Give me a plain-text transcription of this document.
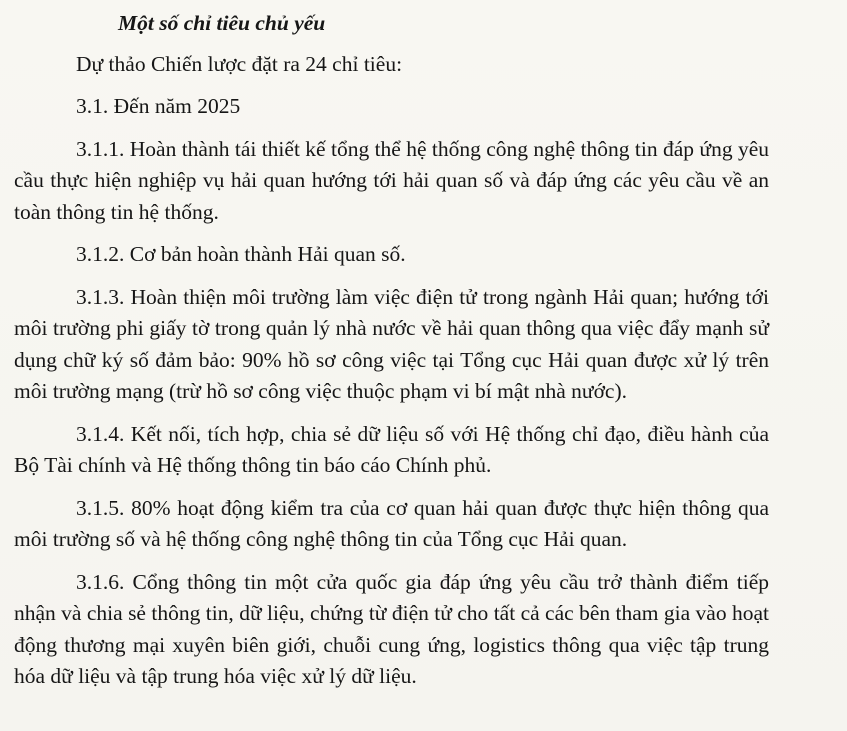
Một số chỉ tiêu chủ yếu
Dự thảo Chiến lược đặt ra 24 chỉ tiêu:
3.1. Đến năm 2025
3.1.1. Hoàn thành tái thiết kế tổng thể hệ thống công nghệ thông tin đáp ứng yêu cầu thực hiện nghiệp vụ hải quan hướng tới hải quan số và đáp ứng các yêu cầu về an toàn thông tin hệ thống.
3.1.2. Cơ bản hoàn thành Hải quan số.
3.1.3. Hoàn thiện môi trường làm việc điện tử trong ngành Hải quan; hướng tới môi trường phi giấy tờ trong quản lý nhà nước về hải quan thông qua việc đẩy mạnh sử dụng chữ ký số đảm bảo: 90% hồ sơ công việc tại Tổng cục Hải quan được xử lý trên môi trường mạng (trừ hồ sơ công việc thuộc phạm vi bí mật nhà nước).
3.1.4. Kết nối, tích hợp, chia sẻ dữ liệu số với Hệ thống chỉ đạo, điều hành của Bộ Tài chính và Hệ thống thông tin báo cáo Chính phủ.
3.1.5. 80% hoạt động kiểm tra của cơ quan hải quan được thực hiện thông qua môi trường số và hệ thống công nghệ thông tin của Tổng cục Hải quan.
3.1.6. Cổng thông tin một cửa quốc gia đáp ứng yêu cầu trở thành điểm tiếp nhận và chia sẻ thông tin, dữ liệu, chứng từ điện tử cho tất cả các bên tham gia vào hoạt động thương mại xuyên biên giới, chuỗi cung ứng, logistics thông qua việc tập trung hóa dữ liệu và tập trung hóa việc xử lý dữ liệu.
